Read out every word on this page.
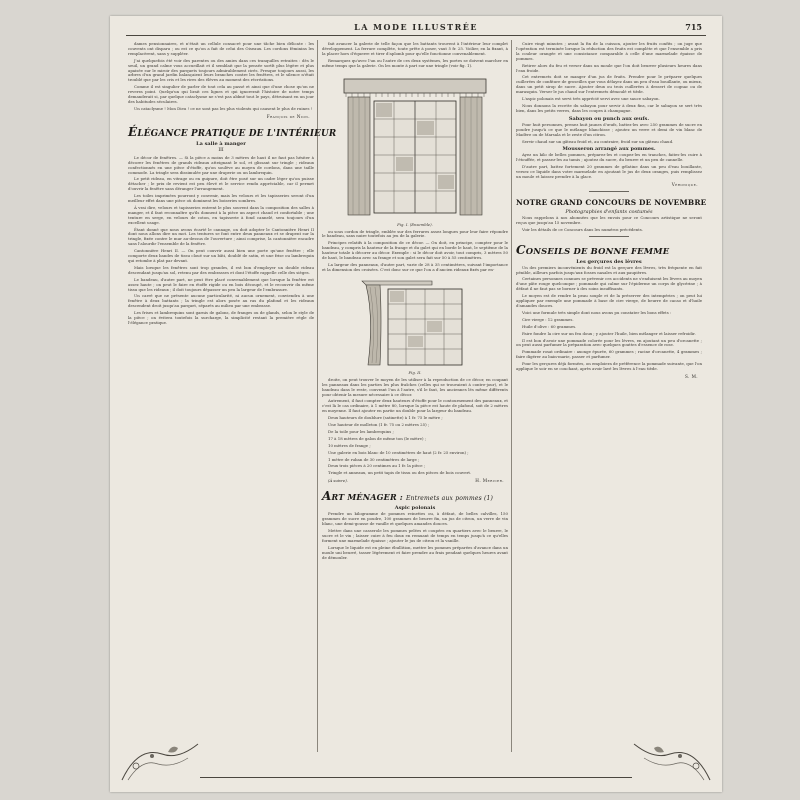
LA MODE ILLUSTRÉE	715

dames pensionnaires, et n'était un cellule consacré pour une tâche bien délicate : les couvents ont disparu ; ou est ce qu'on a fait de celui des Oiseaux. Les cordons féminins les remplacèrent, sans y suppléer.

J'ai quelquefois été voir des parentes ou des amies dans ces tranquilles retraites : dès le seuil, un grand calme vous accueillait et il semblait que la pensée sortît plus légère et plus apaisée sur le miroir des parquets toujours admirablement cirés. Presque toujours aussi, les arbres d'un grand jardin balançaient leurs branches contre les fenêtres, et le silence n'était troublé que par les cris et les rires des élèves au moment des récréations.

Comme il est singulier de parler de tout cela au passé et ainsi que d'une chose qu'on ne reverra point. Quelqu'un qui lirait ces lignes et qui ignorerait l'histoire de notre temps demanderait si, par quelque cataclysme ne s'est pas abîmé tout le pays, détruisant en un jour des habitudes séculaires.

Un cataclysme ! Mon Dieu ! ce ne sont pas les plus violents qui causent le plus de ruines !

François de Nion.
ÉLÉGANCE PRATIQUE DE L'INTÉRIEUR
La salle à manger
III

Le décor de fenêtres. — Si la pièce a moins de 3 mètres de haut il ne faut pas hésiter à décorer les fenêtres de grands rideaux atteignant le sol, et glissant sur tringle ; rideaux confectionnés en une pièce d'étoffe, qu'on soulève au moyen de cordons, dans une taille commode. La tringle sera dissimulée par une draperie ou un lambrequin.

Le petit rideau, en vitrage ou en guipure, doit être posé sur un cadre léger qu'on puisse détacher ; le prix de revient est peu élevé et le service rendu appréciable, car il permet d'ouvrir la fenêtre sans déranger l'arrangement.

Les toiles imprimées pourront y convenir, mais les velours et les tapisseries seront d'un meilleur effet dans une pièce où dominent les boiseries sombres.

À vrai dire, velours et tapisseries entrent le plus souvent dans la composition des salles à manger, et il faut reconnaître qu'ils donnent à la pièce un aspect chaud et confortable ; une tenture en serge, en velours de coton, en tapisserie à fond cannelé, sera toujours d'un excellent usage.

Étant donné que nous avons écarté le cannage, on doit adopter le Cantonnière Henri II dont nous allons dire un mot. Les tentures se font entre deux panneaux et se drapent sur la tringle, fixée contre le mur au-dessus de l'ouverture ; ainsi comprise, la cantonnière encadre sans l'alourdir l'ensemble de la fenêtre.

Cantonnière Henri II. — On peut couvrir aussi bien une porte qu'une fenêtre ; elle comporte deux bandes de tissu cloué sur un bâti, doublé de satin, et une frise ou lambrequin qui retombe à plat par devant.

Mais lorsque les fenêtres sont trop grandes, il est bon d'employer un double rideau descendant jusqu'au sol, retenu par des embrasses et dont l'étoffe rappelle celle des sièges.

Le bandeau, d'autre part, ne peut être placé convenablement que lorsque la fenêtre est assez haute ; on peut le faire en étoffe rigide ou en bois découpé, et le recouvrir du même tissu que les rideaux ; il doit toujours dépasser un peu la largeur de l'embrasure.

Un carré que ne présente aucune particularité, ni aucun ornement, conviendra à une fenêtre à deux battants ; la tringle est alors posée au ras du plafond et les rideaux descendent droit jusqu'au parquet, séparés au milieu par une embrasse.

Les frises et lambrequins sont garnis de galons, de franges ou de glands, selon le style de la pièce ; on évitera toutefois la surcharge, la simplicité restant la première règle de l'élégance pratique.

fait avancer la galerie de telle façon que les battants trouvent à l'intérieur leur complet développement. La ferrure complète, toute prête à poser, vaut 5 fr. 25. Voilier, en la fixant, à la placer hors d'équerre et tirer d'aplomb pour qu'elle fonctionne convenablement.

Remarquez qu'avec l'un ou l'autre de ces deux systèmes, les portes se doivent marcher en même temps que la galerie. On les monte à part sur une tringle (voir fig. 1).

Fig. I. (Ensemble).

ou sous cordon de tringle, emblée sur des ferrures assez longues pour leur faire répondre le bandeau, sans nuire toutefois au jeu de la galerie.

Principes relatifs à la composition de ce décor. — On doit, en principe, compter pour le bandeau, y compris la hauteur de la frange et du galet qui en borde le haut, le septième de la hauteur totale à décorer au décor. Exemple : si le décor doit avoir, tout compris, 3 mètres 50 de haut, le bandeau avec sa frange et son galet sera fait sur 50 à 55 centimètres.

La largeur des panneaux, d'autre part, varie de 28 à 35 centimètres, suivant l'importance et la dimension des croisées. C'est donc sur ce que l'on a d'ancien rideaux fixés par en-

Fig. II.

droite, on peut trouver le moyen de les utiliser à la reproduction de ce décor, en coupant les panneaux dans les parties les plus fraîches (celles qui se trouvaient à contre-jour), et le bandeau dans le reste, couvrant l'un à l'autre, s'il le faut, les anciennes lés même différents pour obtenir la mesure nécessaire à ce décor.

Autrement, il faut compter deux hauteurs d'étoffe pour le contournement des panneaux, et c'est là le cas ordinaire, à 1 mètre 80, lorsque la pièce est haute de plafond, soit de 2 mètres en moyenne. Il faut ajouter en partie un double pour la largeur du bandeau.

Deux hauteurs de doublure (satinette) à 1 fr. 75 le mètre ;

Une hauteur de molleton (1 fr. 75 ou 2 mètres 25) ;

De la toile pour les lambrequins ;

17 à 18 mètres de galon de même ton (le mètre) ;

10 mètres de frange ;

Une galerie en bois blanc de 10 centimètres de haut (2 fr. 25 environ) ;

1 mètre de ruban de 30 centimètres de large ;

Deux trois pièces à 20 centimes au 1 fr. la pièce ;

Tringle et anneaux, un petit tapis de tissu ou des pièces de bois couvert.

(À suivre).	H. Mercier.
ART MÉNAGER : Entremets aux pommes (1)
Aspic polonais

Prendre un kilogramme de pommes reinettes ou, à défaut, de belles calvilles, 150 grammes de sucre en poudre, 100 grammes de beurre fin, un jus de citron, un verre de vin blanc, une demi-gousse de vanille et quelques amandes douces.

Mettre dans une casserole les pommes pelées et coupées en quartiers avec le beurre, le sucre et le vin ; laisser cuire à feu doux en remuant de temps en temps jusqu'à ce qu'elles forment une marmelade épaisse ; ajouter le jus de citron et la vanille.

Lorsque le liquide est en pleine ébullition, mettre les pommes préparées d'avance dans un moule uni beurré, tasser légèrement et faire prendre au frais pendant quelques heures avant de démouler.

Cuire vingt minutes ; avant la fin de la cuisson, ajouter les fruits confits ; on juge que l'opération est terminée lorsque la réduction des fruits est complète et que l'ensemble a pris la couleur orangée et une consistance comparable à celle d'une marmelade épaisse de pommes.

Retirer alors du feu et verser dans un moule que l'on doit beurrer plusieurs heures dans l'eau froide.

Cet entremets doit se manger d'un jus de fruits. Prendre pour le préparer quelques cuillerées de confiture de groseilles que vous délayez dans un peu d'eau bouillante, ou mieux, dans un petit sirop de sucre. Ajouter deux ou trois cuillerées à dessert de cognac ou de marasquin. Verser le jus chaud sur l'entremets démoulé et tiède.

L'aspic polonais est servi très apprécié servi avec une sauce sabayon.

Nous donnons la recette du sabayon pour servir à deux fins, car le sabayon se sert très bien, dans les petits verres, dans les coupes à champagne.

Sabayon ou punch aux œufs.

Pour huit personnes, prenez huit jaunes d'œufs, battez-les avec 250 grammes de sucre en poudre jusqu'à ce que le mélange blanchisse ; ajoutez un verre et demi de vin blanc de Madère ou de Marsala et le zeste d'un citron.

Servir chaud sur un gâteau froid et, au contraire, froid sur un gâteau chaud.

Mousseron arrangé aux pommes.

Ayez un kilo de belles pommes, préparez-les et coupez-les en tranches, faites-les cuire à l'étouffée, et passez-les au tamis ; ajoutez du sucre, du beurre et un peu de cannelle.

D'autre part, battez fortement 20 grammes de gélatine dans un peu d'eau bouillante, versez ce liquide dans votre marmelade en ajoutant le jus de deux oranges, puis remplissez un moule et laissez prendre à la glace.

Véronique.
NOTRE GRAND CONCOURS DE NOVEMBRE
Photographies d'enfants costumés

Nous rappelons à nos abonnées que les envois pour ce Concours artistique ne seront reçus que jusqu'au 15 novembre.

Voir les détails de ce Concours dans les numéros précédents.

CONSEILS DE BONNE FEMME
Les gerçures des lèvres

Un des premiers inconvénients du froid est la gerçure des lèvres, très fréquente en fait pénible, ailleurs parfois jusqu'aux fosses nasales et aux paupières.

Certaines personnes connues se prévenir ces accidents ne s'enduisent les lèvres au moyen d'une pâte rouge quelconque ; pommade qui calme sur l'épiderme un corps de glycérine ; à défaut il ne faut pas se borner à des soins insuffisants.

Le moyen est de rendre la peau souple et de la préserver des intempéries ; on peut lui appliquer par exemple une pommade à base de cire vierge, de beurre de cacao et d'huile d'amandes douces.

Voici une formule très simple dont nous avons pu constater les bons effets :

Cire vierge : 12 grammes.

Huile d'olive : 60 grammes.

Faire fondre la cire sur un feu doux ; y ajouter l'huile, bien mélanger et laisser refroidir.

Il est bon d'avoir une pommade colorée pour les lèvres, en ajoutant un peu d'orcanette ; on peut aussi parfumer la préparation avec quelques gouttes d'essence de rose.

Pommade rosat ordinaire : axonge épurée, 60 grammes ; racine d'orcanette, 4 grammes ; faire digérer au bain-marie, passer et parfumer.

Pour les gerçures déjà formées, on emploiera de préférence la pommade suivante, que l'on applique le soir en se couchant, après avoir lavé les lèvres à l'eau tiède.

S. M.
